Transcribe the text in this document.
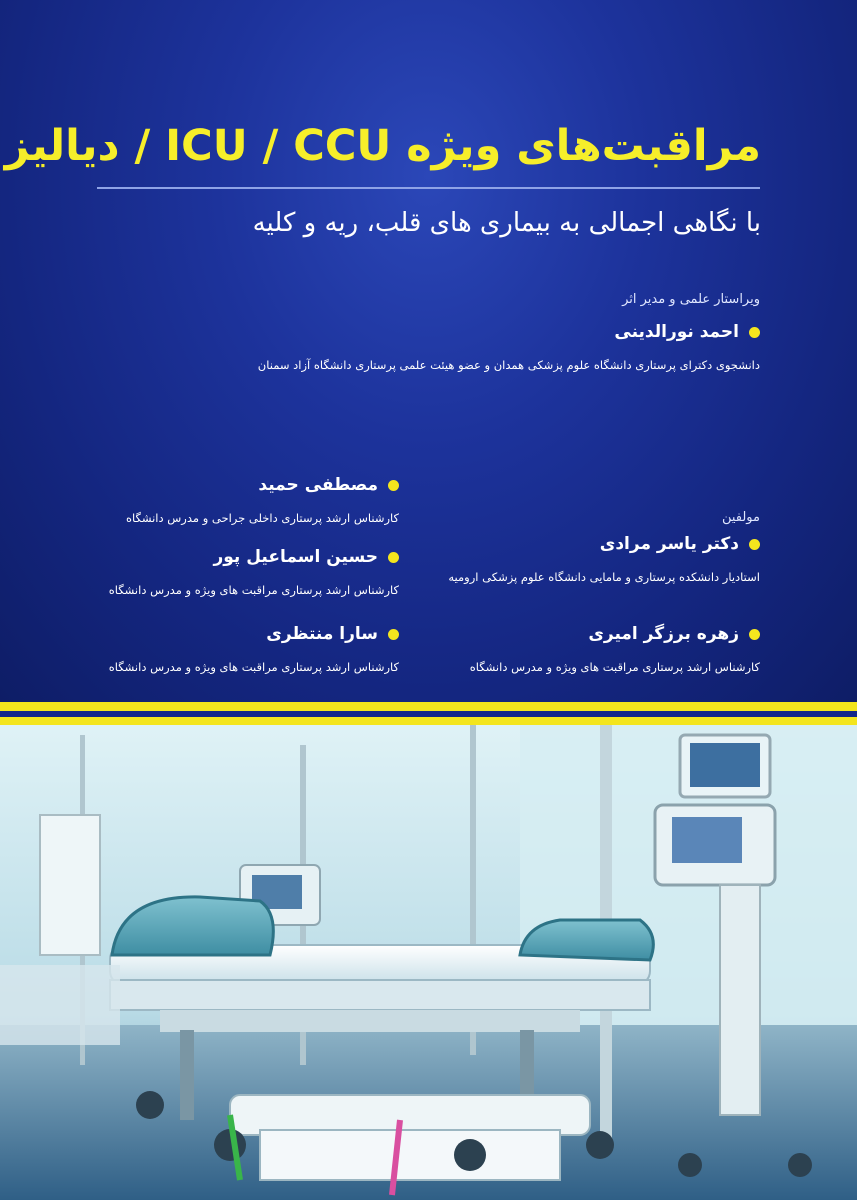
مراقبت‌های ویژه ICU / CCU / دیالیز
با نگاهی اجمالی به بیماری های قلب، ریه و کلیه
ویراستار علمی و مدیر اثر
احمد نورالدینی
دانشجوی دکترای پرستاری دانشگاه علوم پزشکی همدان و عضو هیئت علمی پرستاری دانشگاه آزاد سمنان
مولفین
دکتر یاسر مرادی
استادیار دانشکده پرستاری و مامایی دانشگاه علوم پزشکی ارومیه
زهره برزگر امیری
کارشناس ارشد پرستاری مراقبت های ویژه و مدرس دانشگاه
مصطفی حمید
کارشناس ارشد پرستاری داخلی جراحی و مدرس دانشگاه
حسین اسماعیل پور
کارشناس ارشد پرستاری مراقبت های ویژه و مدرس دانشگاه
سارا منتظری
کارشناس ارشد پرستاری مراقبت های ویژه و مدرس دانشگاه
